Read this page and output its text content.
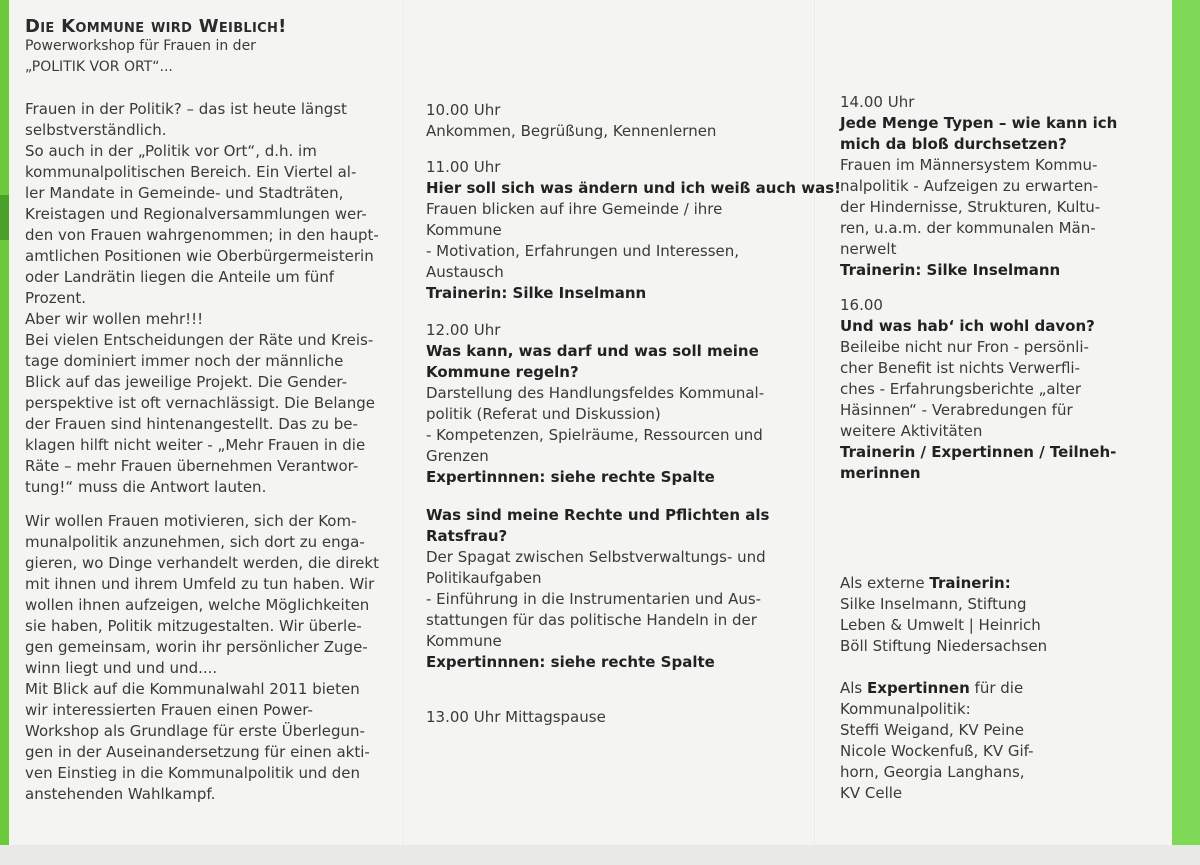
Die Kommune wird Weiblich!
Powerworkshop für Frauen in der
„POLITIK VOR ORT“...
Frauen in der Politik? – das ist heute längst
selbstverständlich.
So auch in der „Politik vor Ort“, d.h. im
kommunalpolitischen Bereich. Ein Viertel al-
ler Mandate in Gemeinde- und Stadträten,
Kreistagen und Regionalversammlungen wer-
den von Frauen wahrgenommen; in den haupt-
amtlichen Positionen wie Oberbürgermeisterin
oder Landrätin liegen die Anteile um fünf
Prozent.
Aber wir wollen mehr!!!
Bei vielen Entscheidungen der Räte und Kreis-
tage dominiert immer noch der männliche
Blick auf das jeweilige Projekt. Die Gender-
perspektive ist oft vernachlässigt. Die Belange
der Frauen sind hintenangestellt. Das zu be-
klagen hilft nicht weiter - „Mehr Frauen in die
Räte – mehr Frauen übernehmen Verantwor-
tung!“ muss die Antwort lauten.
Wir wollen Frauen motivieren, sich der Kom-
munalpolitik anzunehmen, sich dort zu enga-
gieren, wo Dinge verhandelt werden, die direkt
mit ihnen und ihrem Umfeld zu tun haben. Wir
wollen ihnen aufzeigen, welche Möglichkeiten
sie haben, Politik mitzugestalten. Wir überle-
gen gemeinsam, worin ihr persönlicher Zuge-
winn liegt und und und....
Mit Blick auf die Kommunalwahl 2011 bieten
wir interessierten Frauen einen Power-
Workshop als Grundlage für erste Überlegun-
gen in der Auseinandersetzung für einen akti-
ven Einstieg in die Kommunalpolitik und den
anstehenden Wahlkampf.
10.00 Uhr
Ankommen, Begrüßung, Kennenlernen
11.00 Uhr
Hier soll sich was ändern und ich weiß auch was!
Frauen blicken auf ihre Gemeinde / ihre
Kommune
- Motivation, Erfahrungen und Interessen,
Austausch
Trainerin: Silke Inselmann
12.00 Uhr
Was kann, was darf und was soll meine
Kommune regeln?
Darstellung des Handlungsfeldes Kommunal-
politik (Referat und Diskussion)
- Kompetenzen, Spielräume, Ressourcen und
Grenzen
Expertinnnen: siehe rechte Spalte
Was sind meine Rechte und Pflichten als
Ratsfrau?
Der Spagat zwischen Selbstverwaltungs- und
Politikaufgaben
- Einführung in die Instrumentarien und Aus-
stattungen für das politische Handeln in der
Kommune
Expertinnnen: siehe rechte Spalte
13.00 Uhr Mittagspause
14.00 Uhr
Jede Menge Typen – wie kann ich
mich da bloß durchsetzen?
Frauen im Männersystem Kommu-
nalpolitik - Aufzeigen zu erwarten-
der Hindernisse, Strukturen, Kultu-
ren, u.a.m. der kommunalen Män-
nerwelt
Trainerin: Silke Inselmann
16.00
Und was hab‘ ich wohl davon?
Beileibe nicht nur Fron - persönli-
cher Benefit ist nichts Verwerfli-
ches - Erfahrungsberichte „alter
Häsinnen“ - Verabredungen für
weitere Aktivitäten
Trainerin / Expertinnen / Teilneh-
merinnen
Als externe Trainerin:
Silke Inselmann, Stiftung
Leben & Umwelt | Heinrich
Böll Stiftung Niedersachsen
Als Expertinnen für die
Kommunalpolitik:
Steffi Weigand, KV Peine
Nicole Wockenfuß, KV Gif-
horn, Georgia Langhans,
KV Celle
